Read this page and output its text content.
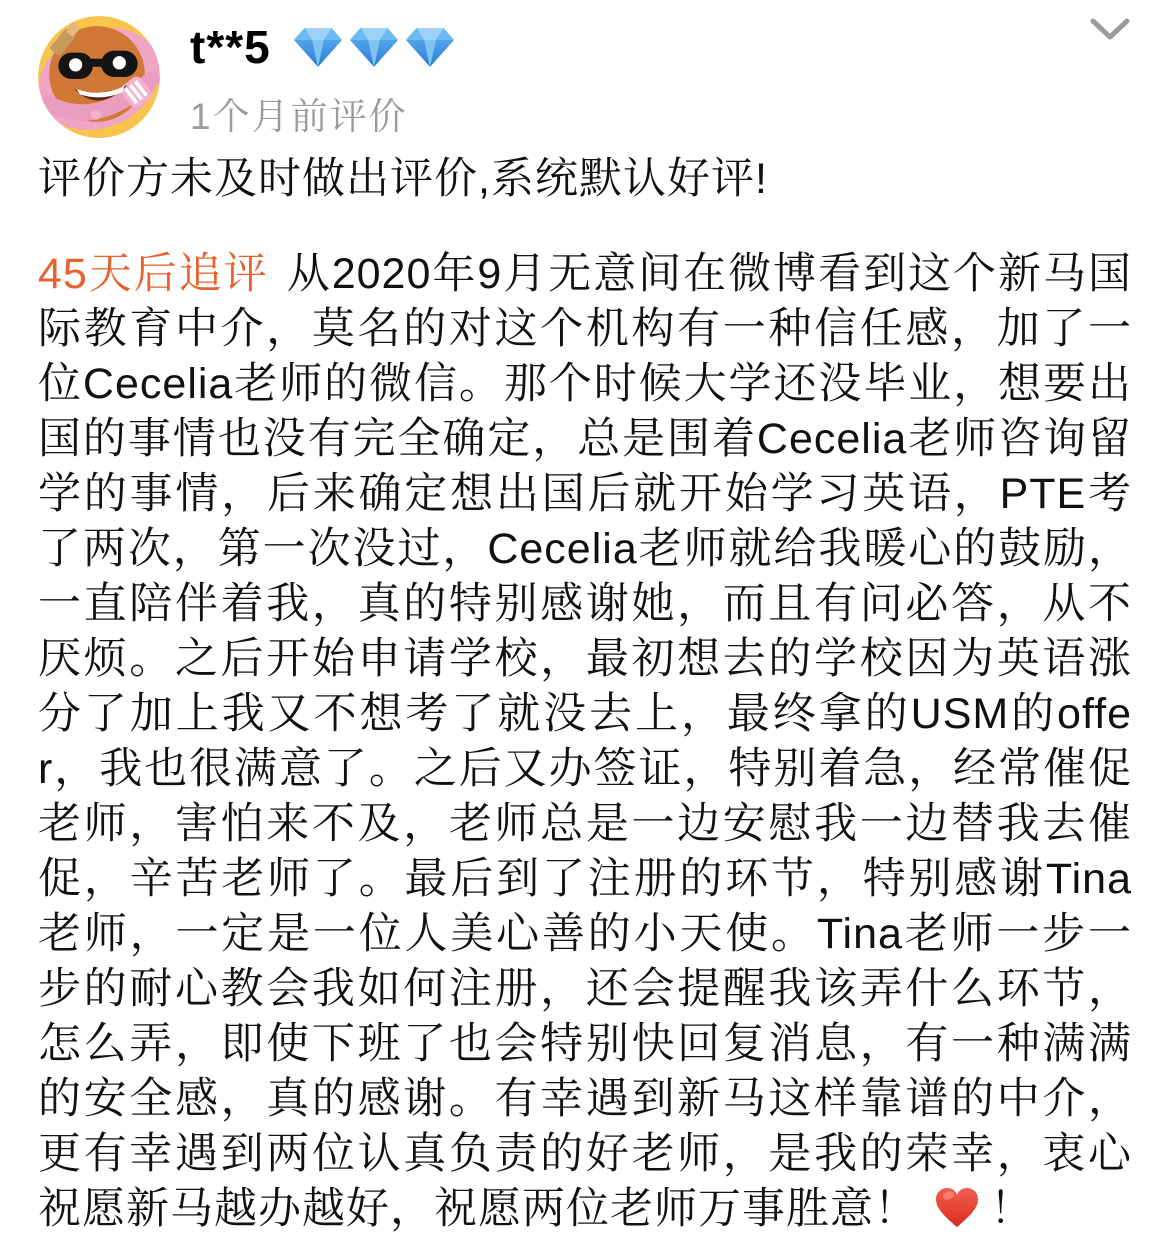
t**5
1个月前评价
评价方未及时做出评价,系统默认好评!
45天后追评 从2020年9月无意间在微博看到这个新马国际教育中介，莫名的对这个机构有一种信任感，加了一位Cecelia老师的微信。那个时候大学还没毕业，想要出国的事情也没有完全确定，总是围着Cecelia老师咨询留学的事情，后来确定想出国后就开始学习英语，PTE考了两次，第一次没过，Cecelia老师就给我暖心的鼓励，一直陪伴着我，真的特别感谢她，而且有问必答，从不厌烦。之后开始申请学校，最初想去的学校因为英语涨分了加上我又不想考了就没去上，最终拿的USM的offer，我也很满意了。之后又办签证，特别着急，经常催促老师，害怕来不及，老师总是一边安慰我一边替我去催促，辛苦老师了。最后到了注册的环节，特别感谢Tina老师，一定是一位人美心善的小天使。Tina老师一步一步的耐心教会我如何注册，还会提醒我该弄什么环节，怎么弄，即使下班了也会特别快回复消息，有一种满满的安全感，真的感谢。有幸遇到新马这样靠谱的中介，更有幸遇到两位认真负责的好老师，是我的荣幸，衷心祝愿新马越办越好，祝愿两位老师万事胜意！ ！
